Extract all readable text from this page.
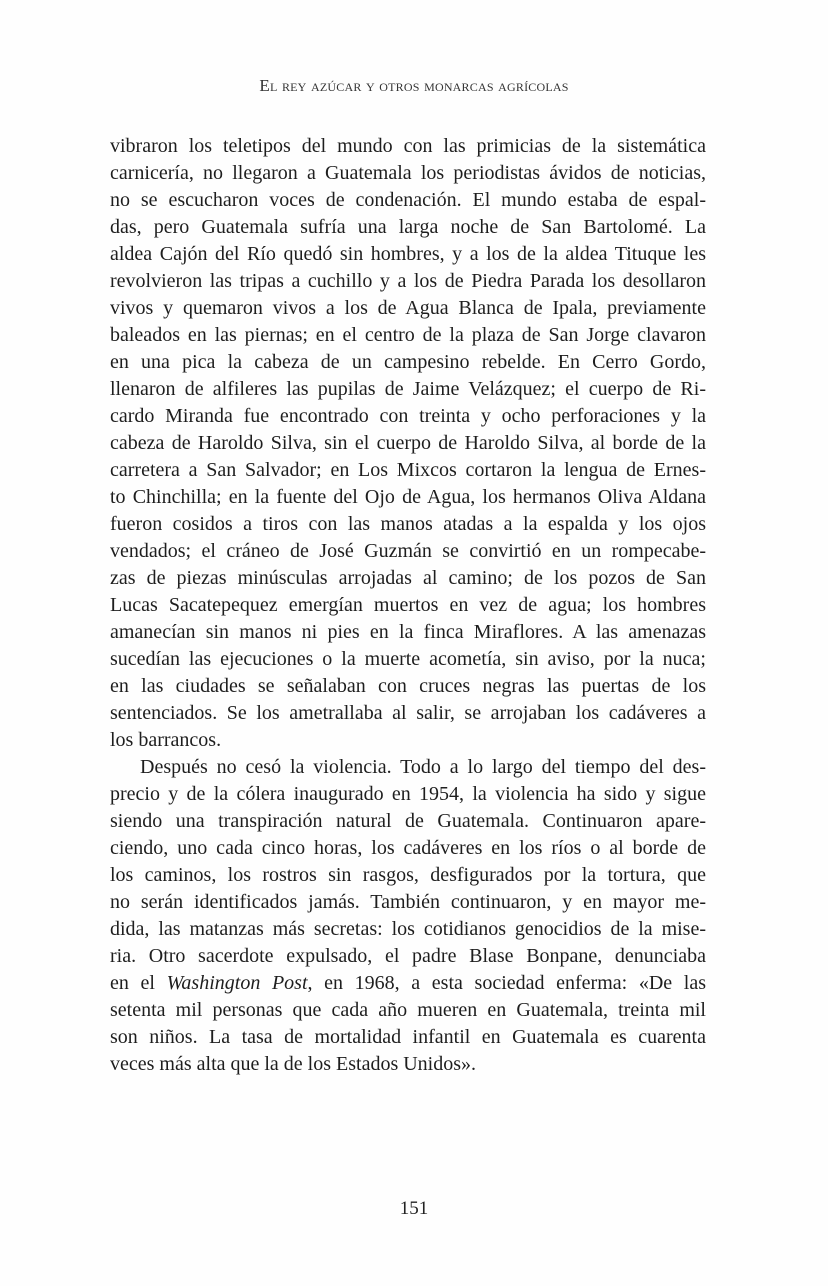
El rey azúcar y otros monarcas agrícolas
vibraron los teletipos del mundo con las primicias de la sistemática
carnicería, no llegaron a Guatemala los periodistas ávidos de noticias,
no se escucharon voces de condenación. El mundo estaba de espal-
das, pero Guatemala sufría una larga noche de San Bartolomé. La
aldea Cajón del Río quedó sin hombres, y a los de la aldea Tituque les
revolvieron las tripas a cuchillo y a los de Piedra Parada los desollaron
vivos y quemaron vivos a los de Agua Blanca de Ipala, previamente
baleados en las piernas; en el centro de la plaza de San Jorge clavaron
en una pica la cabeza de un campesino rebelde. En Cerro Gordo,
llenaron de alfileres las pupilas de Jaime Velázquez; el cuerpo de Ri-
cardo Miranda fue encontrado con treinta y ocho perforaciones y la
cabeza de Haroldo Silva, sin el cuerpo de Haroldo Silva, al borde de la
carretera a San Salvador; en Los Mixcos cortaron la lengua de Ernes-
to Chinchilla; en la fuente del Ojo de Agua, los hermanos Oliva Aldana
fueron cosidos a tiros con las manos atadas a la espalda y los ojos
vendados; el cráneo de José Guzmán se convirtió en un rompecabe-
zas de piezas minúsculas arrojadas al camino; de los pozos de San
Lucas Sacatepequez emergían muertos en vez de agua; los hombres
amanecían sin manos ni pies en la finca Miraflores. A las amenazas
sucedían las ejecuciones o la muerte acometía, sin aviso, por la nuca;
en las ciudades se señalaban con cruces negras las puertas de los
sentenciados. Se los ametrallaba al salir, se arrojaban los cadáveres a
los barrancos.
Después no cesó la violencia. Todo a lo largo del tiempo del des-
precio y de la cólera inaugurado en 1954, la violencia ha sido y sigue
siendo una transpiración natural de Guatemala. Continuaron apare-
ciendo, uno cada cinco horas, los cadáveres en los ríos o al borde de
los caminos, los rostros sin rasgos, desfigurados por la tortura, que
no serán identificados jamás. También continuaron, y en mayor me-
dida, las matanzas más secretas: los cotidianos genocidios de la mise-
ria. Otro sacerdote expulsado, el padre Blase Bonpane, denunciaba
en el Washington Post, en 1968, a esta sociedad enferma: «De las
setenta mil personas que cada año mueren en Guatemala, treinta mil
son niños. La tasa de mortalidad infantil en Guatemala es cuarenta
veces más alta que la de los Estados Unidos».
151
